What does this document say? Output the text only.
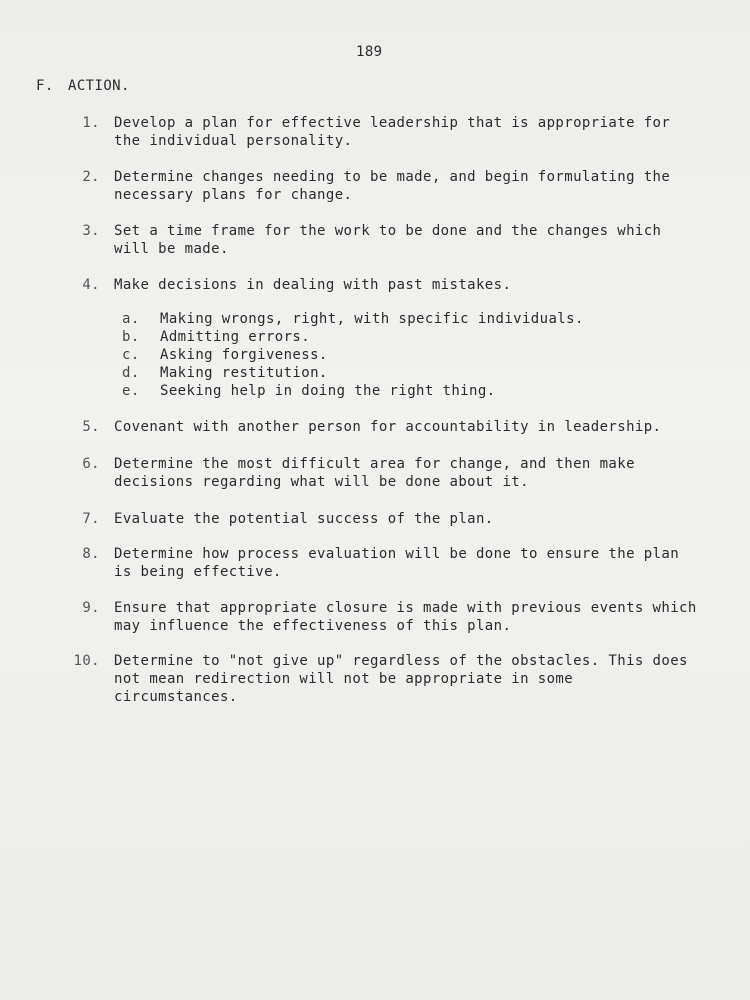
189
F. ACTION.
1.	Develop a plan for effective leadership that is appropriate for
the individual personality.
2.	Determine changes needing to be made, and begin formulating the
necessary plans for change.
3.	Set a time frame for the work to be done and the changes which
will be made.
4.	Make decisions in dealing with past mistakes.
a.	Making wrongs, right, with specific individuals.
b.	Admitting errors.
c.	Asking forgiveness.
d.	Making restitution.
e.	Seeking help in doing the right thing.
5.	Covenant with another person for accountability in leadership.
6.	Determine the most difficult area for change, and then make
decisions regarding what will be done about it.
7.	Evaluate the potential success of the plan.
8.	Determine how process evaluation will be done to ensure the plan
is being effective.
9.	Ensure that appropriate closure is made with previous events which
may influence the effectiveness of this plan.
10.	Determine to "not give up" regardless of the obstacles. This does
not mean redirection will not be appropriate in some circumstances.
